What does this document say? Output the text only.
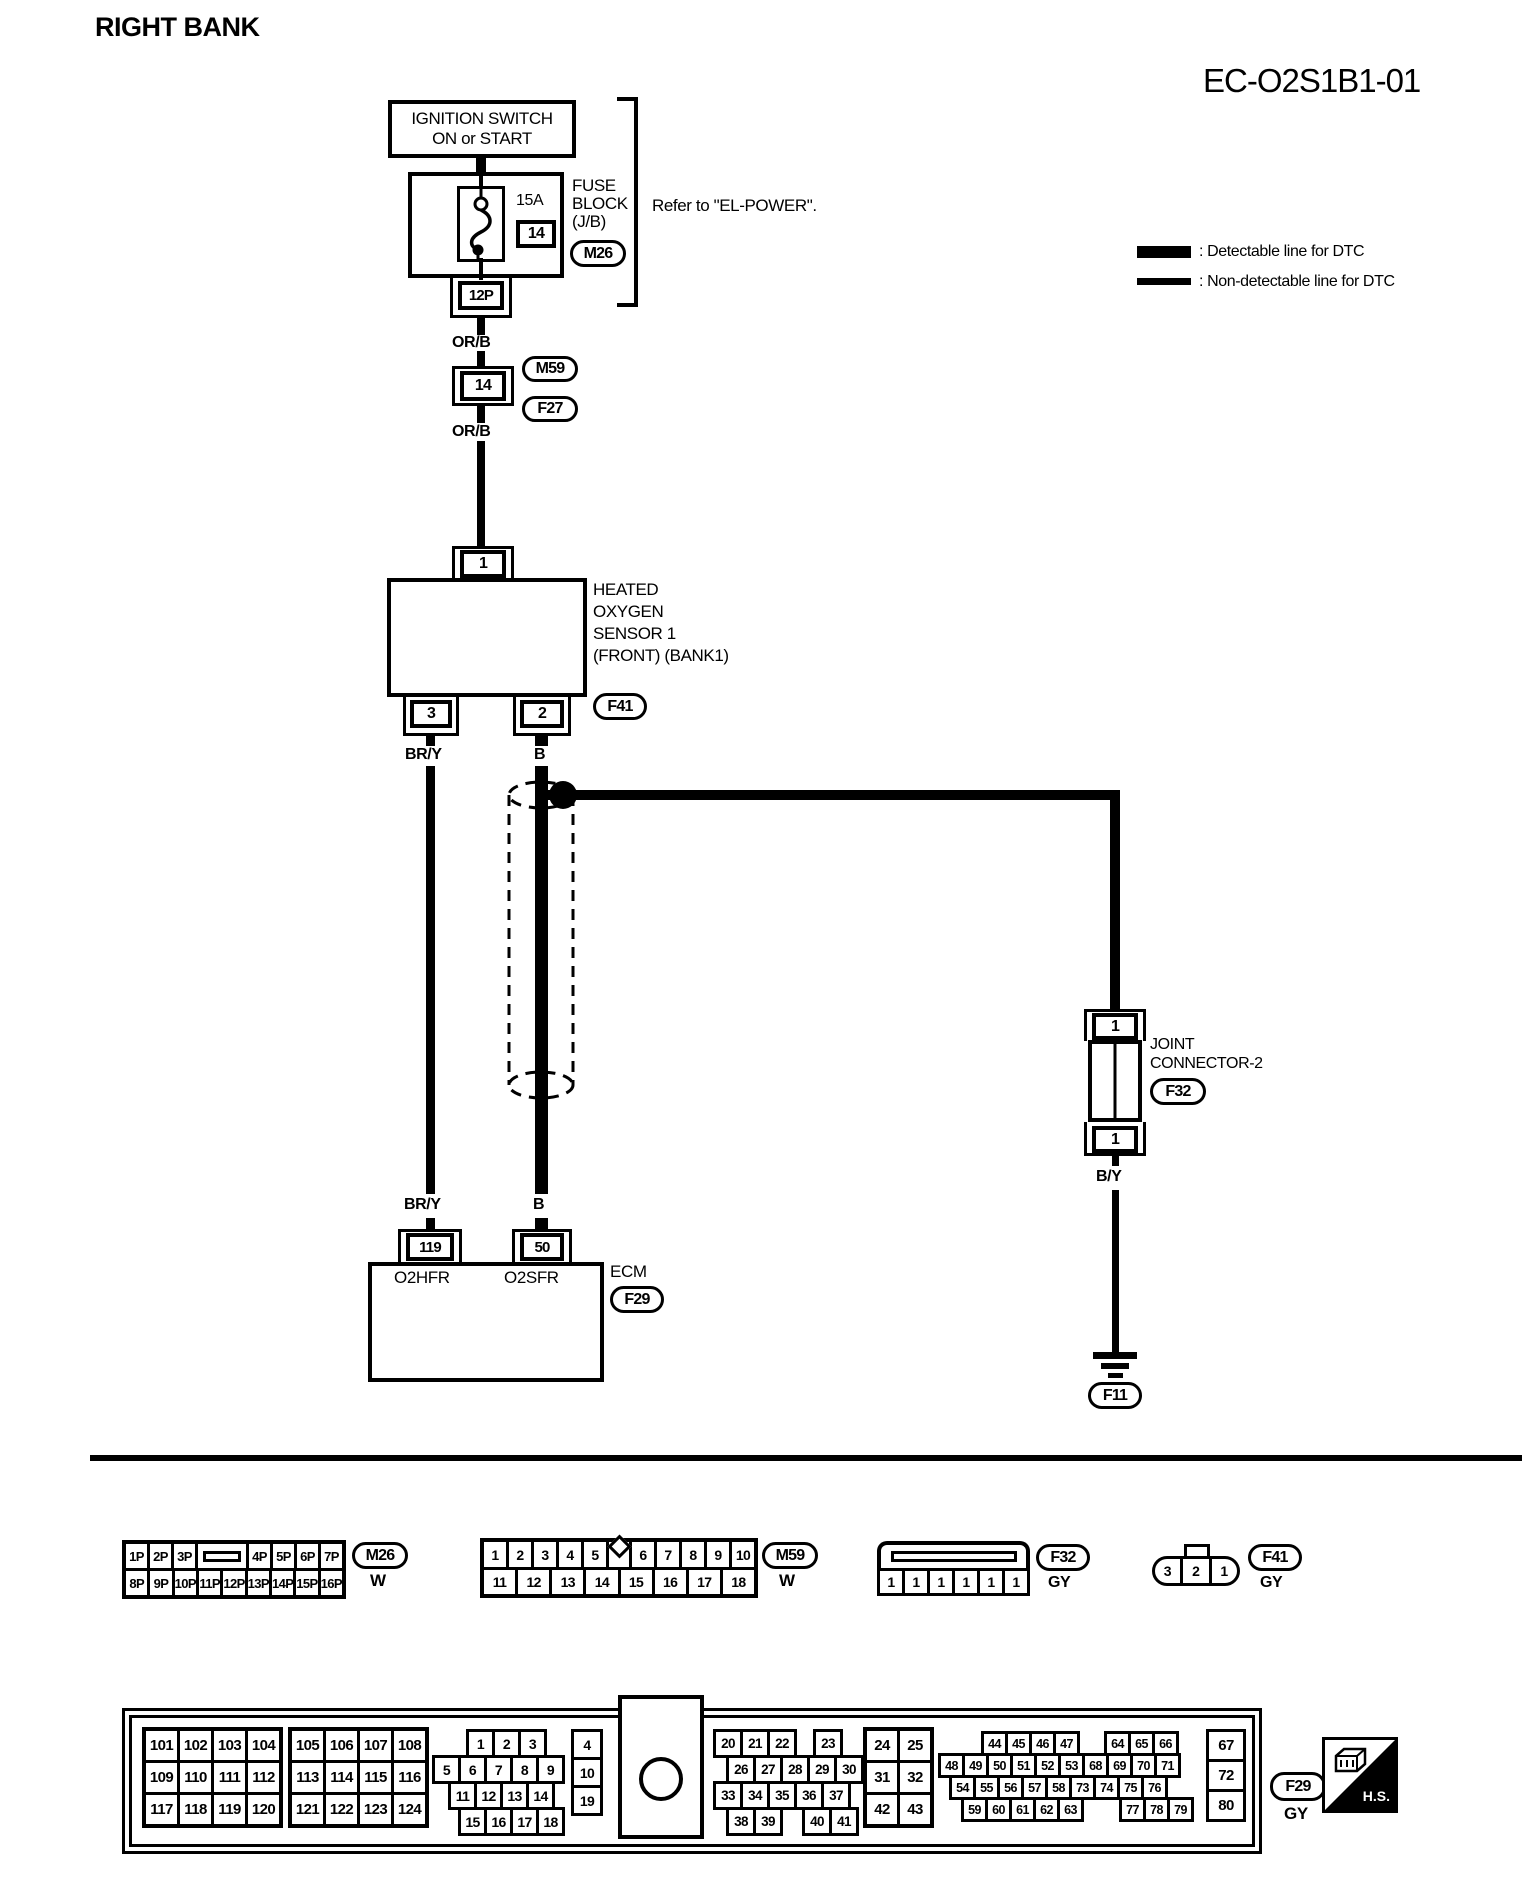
RIGHT BANK
EC-O2S1B1-01
: Detectable line for DTC
: Non-detectable line for DTC
IGNITION SWITCH
ON or START
Refer to "EL-POWER".
15A
14
FUSE
BLOCK
(J/B)
M26
12P
OR/B
14
M59
F27
OR/B
1
HEATED
OXYGEN
SENSOR 1
(FRONT) (BANK1)
F41
3	2
BR/Y
BR/Y
B
B
1
1
JOINT
CONNECTOR-2
F32
B/Y
F11
119	50
O2HFR	O2SFR	ECM
F29
1P 2P 3P	4P 5P 6P 7P
8P 9P 10P 11P 12P 13P 14P 15P 16P
M26
W
1	2	3	4	5	6	7	8	9	10
11	12	13	14	15	16	17	18
M59
W	1	1	1	1	1	1
F32
GY
3	2	1
F41
GY
101 102 103 104
109 110 111 112
117 118 119 120
105 106 107 108
113 114 115 116
121 122 123 124
1	2	3
5	6	7	8	9
11 12 13 14
15 16 17 18
4
10
19
20 21 22	23
26 27 28 29 30
33 34 35 36 37
38 39	40 41
24	25
31	32
42	43
44 45 46 47	64 65 66
48 49 50 51 52 53 68 69 70 71
54 55 56 57 58 73 74 75 76
59 60 61 62 63	77 78 79
67
72
80
F29
GY
H.S.
